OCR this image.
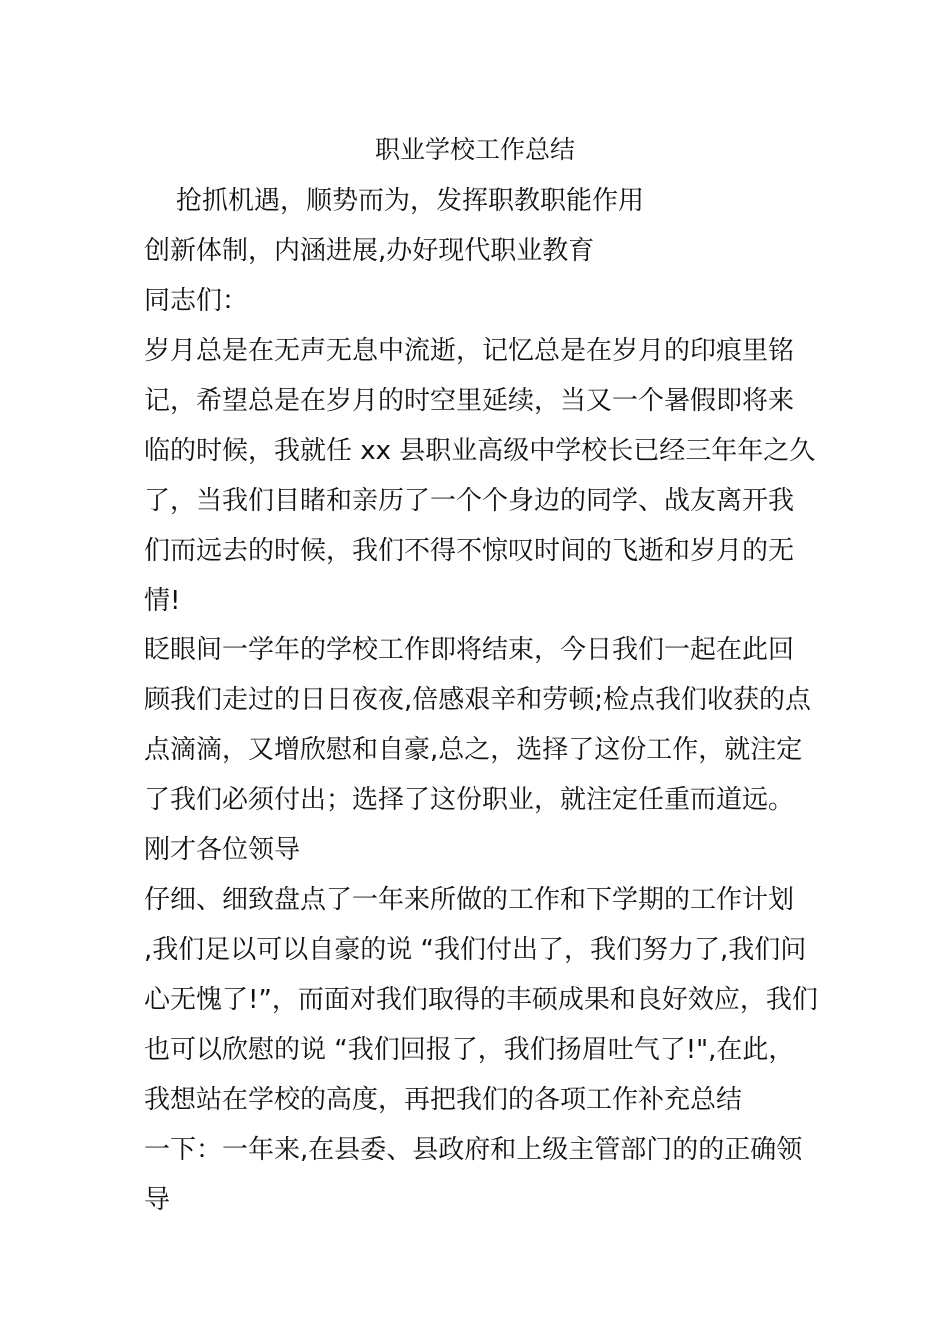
职业学校工作总结
抢抓机遇，顺势而为，发挥职教职能作用
创新体制，内涵进展,办好现代职业教育
同志们：
岁月总是在无声无息中流逝，记忆总是在岁月的印痕里铭
记，希望总是在岁月的时空里延续，当又一个暑假即将来
临的时候，我就任 xx 县职业高级中学校长已经三年年之久
了，当我们目睹和亲历了一个个身边的同学、战友离开我
们而远去的时候，我们不得不惊叹时间的飞逝和岁月的无
情!
眨眼间一学年的学校工作即将结束，今日我们一起在此回
顾我们走过的日日夜夜,倍感艰辛和劳顿;检点我们收获的点
点滴滴，又增欣慰和自豪,总之，选择了这份工作，就注定
了我们必须付出；选择了这份职业，就注定任重而道远。
刚才各位领导
仔细、细致盘点了一年来所做的工作和下学期的工作计划
,我们足以可以自豪的说 “我们付出了，我们努力了,我们问
心无愧了!”，而面对我们取得的丰硕成果和良好效应，我们
也可以欣慰的说 “我们回报了，我们扬眉吐气了!",在此，
我想站在学校的高度，再把我们的各项工作补充总结
一下：一年来,在县委、县政府和上级主管部门的的正确领
导
